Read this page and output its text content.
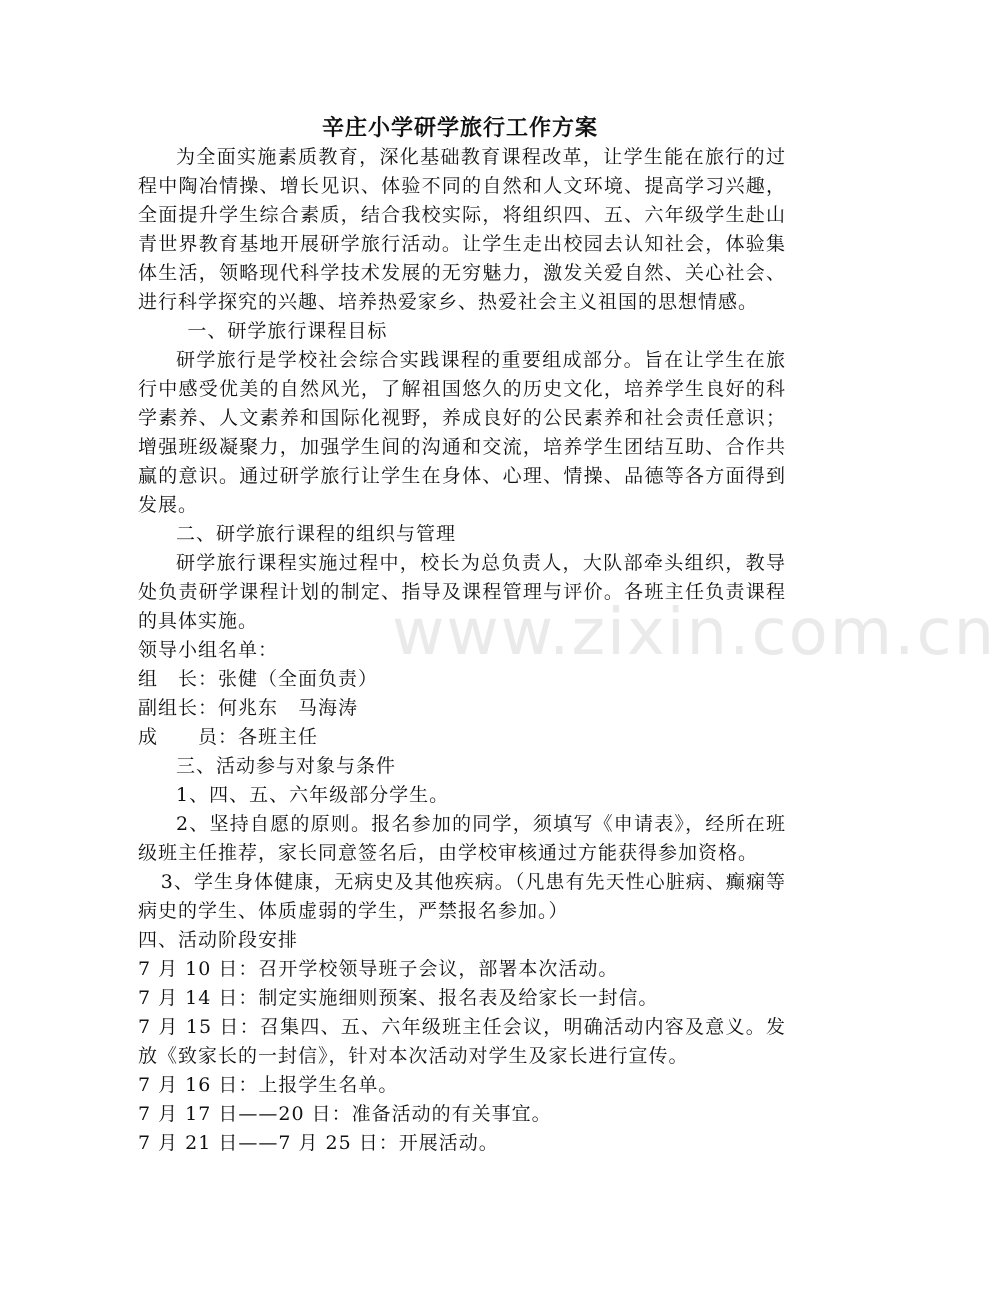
辛庄小学研学旅行工作方案

为全面实施素质教育，深化基础教育课程改革，让学生能在旅行的过程中陶冶情操、增长见识、体验不同的自然和人文环境、提高学习兴趣，全面提升学生综合素质，结合我校实际，将组织四、五、六年级学生赴山青世界教育基地开展研学旅行活动。让学生走出校园去认知社会，体验集体生活，领略现代科学技术发展的无穷魅力，激发关爱自然、关心社会、进行科学探究的兴趣、培养热爱家乡、热爱社会主义祖国的思想情感。

一、研学旅行课程目标

研学旅行是学校社会综合实践课程的重要组成部分。旨在让学生在旅行中感受优美的自然风光，了解祖国悠久的历史文化，培养学生良好的科学素养、人文素养和国际化视野，养成良好的公民素养和社会责任意识；增强班级凝聚力，加强学生间的沟通和交流，培养学生团结互助、合作共赢的意识。通过研学旅行让学生在身体、心理、情操、品德等各方面得到发展。

二、研学旅行课程的组织与管理

研学旅行课程实施过程中，校长为总负责人，大队部牵头组织，教导处负责研学课程计划的制定、指导及课程管理与评价。各班主任负责课程的具体实施。

领导小组名单：

组　长：张健（全面负责）

副组长：何兆东　马海涛

成　　员：各班主任

三、活动参与对象与条件

1、四、五、六年级部分学生。

2、坚持自愿的原则。报名参加的同学，须填写《申请表》，经所在班级班主任推荐，家长同意签名后，由学校审核通过方能获得参加资格。

3、学生身体健康，无病史及其他疾病。（凡患有先天性心脏病、癫痫等病史的学生、体质虚弱的学生，严禁报名参加。）

四、活动阶段安排

7 月 10 日：召开学校领导班子会议，部署本次活动。

7 月 14 日：制定实施细则预案、报名表及给家长一封信。

7 月 15 日：召集四、五、六年级班主任会议，明确活动内容及意义。发放《致家长的一封信》，针对本次活动对学生及家长进行宣传。

7 月 16 日：上报学生名单。

7 月 17 日——20 日：准备活动的有关事宜。

7 月 21 日——7 月 25 日：开展活动。

www.zixin.com.cn
